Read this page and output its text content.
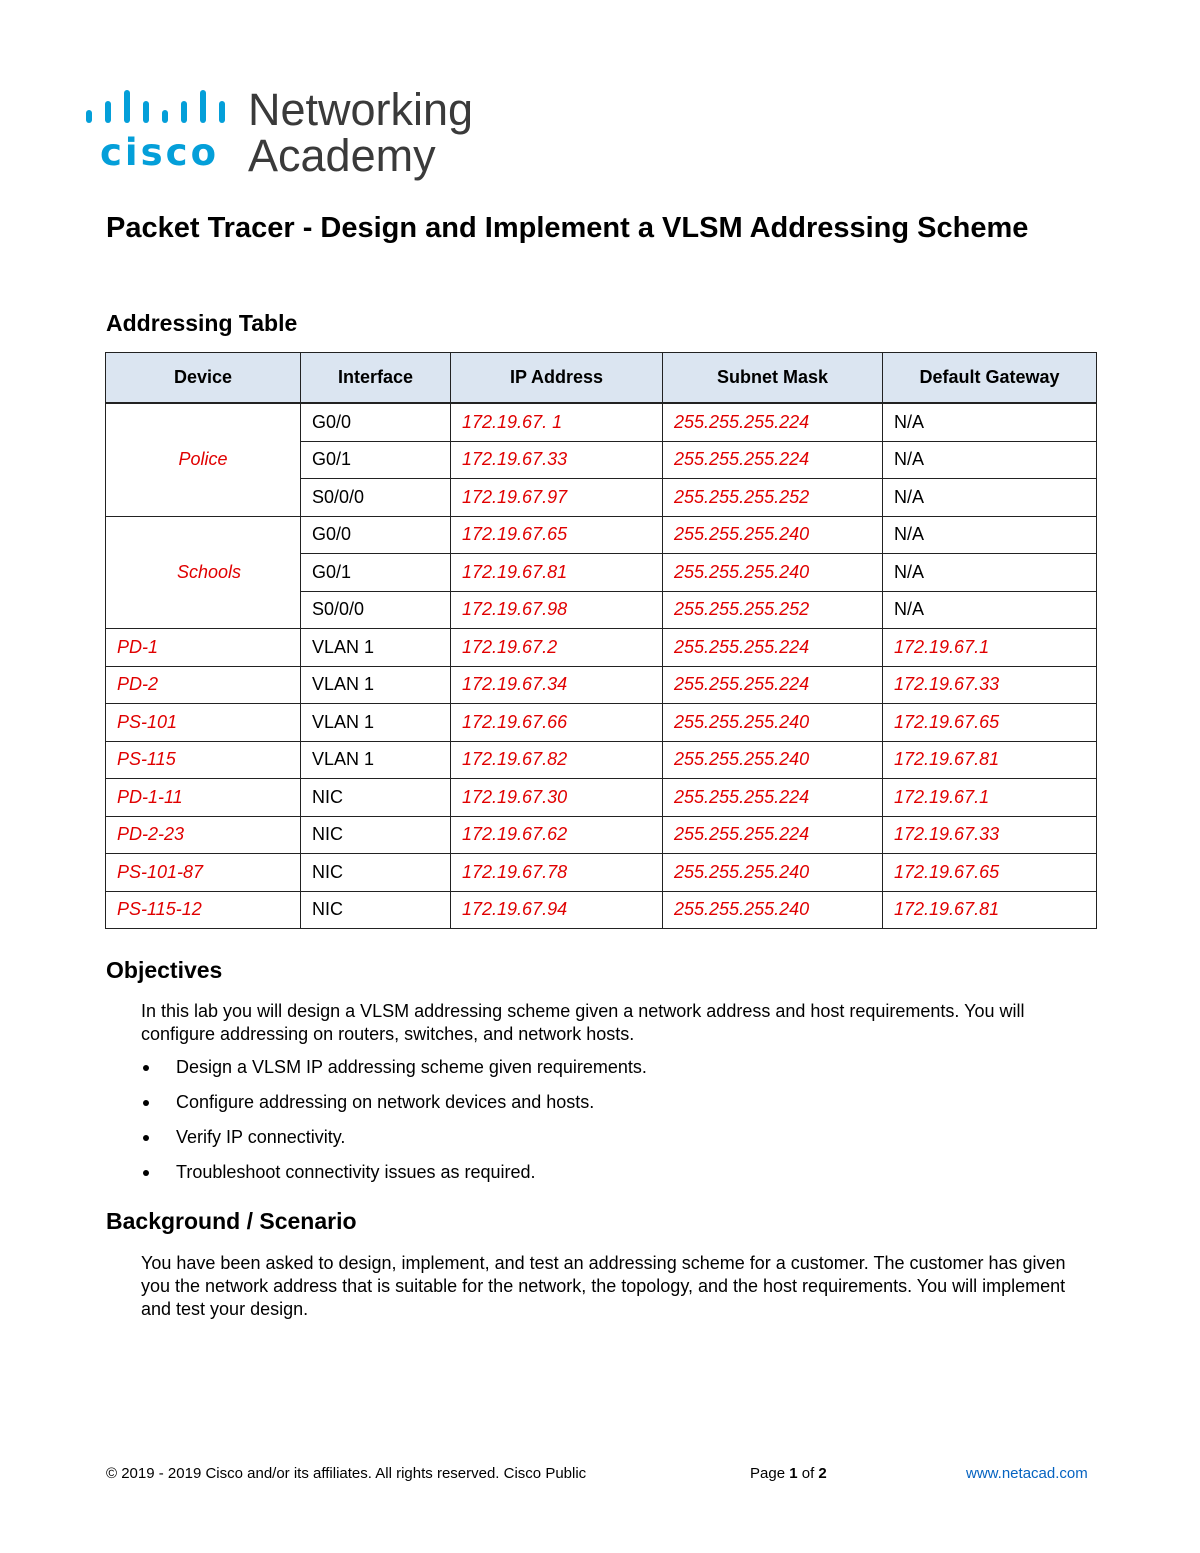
cisco
Networking
Academy
Packet Tracer - Design and Implement a VLSM Addressing Scheme
Addressing Table
Device	Interface	IP Address	Subnet Mask	Default Gateway
Police	G0/0	172.19.67. 1	255.255.255.224	N/A
	G0/1	172.19.67.33	255.255.255.224	N/A
	S0/0/0	172.19.67.97	255.255.255.252	N/A
Schools	G0/0	172.19.67.65	255.255.255.240	N/A
	G0/1	172.19.67.81	255.255.255.240	N/A
	S0/0/0	172.19.67.98	255.255.255.252	N/A
PD-1	VLAN 1	172.19.67.2	255.255.255.224	172.19.67.1
PD-2	VLAN 1	172.19.67.34	255.255.255.224	172.19.67.33
PS-101	VLAN 1	172.19.67.66	255.255.255.240	172.19.67.65
PS-115	VLAN 1	172.19.67.82	255.255.255.240	172.19.67.81
PD-1-11	NIC	172.19.67.30	255.255.255.224	172.19.67.1
PD-2-23	NIC	172.19.67.62	255.255.255.224	172.19.67.33
PS-101-87	NIC	172.19.67.78	255.255.255.240	172.19.67.65
PS-115-12	NIC	172.19.67.94	255.255.255.240	172.19.67.81
Objectives
In this lab you will design a VLSM addressing scheme given a network address and host requirements. You will configure addressing on routers, switches, and network hosts.
Design a VLSM IP addressing scheme given requirements.
Configure addressing on network devices and hosts.
Verify IP connectivity.
Troubleshoot connectivity issues as required.
Background / Scenario
You have been asked to design, implement, and test an addressing scheme for a customer. The customer has given you the network address that is suitable for the network, the topology, and the host requirements. You will implement and test your design.
© 2019 - 2019 Cisco and/or its affiliates. All rights reserved. Cisco Public	Page 1 of 2	www.netacad.com
